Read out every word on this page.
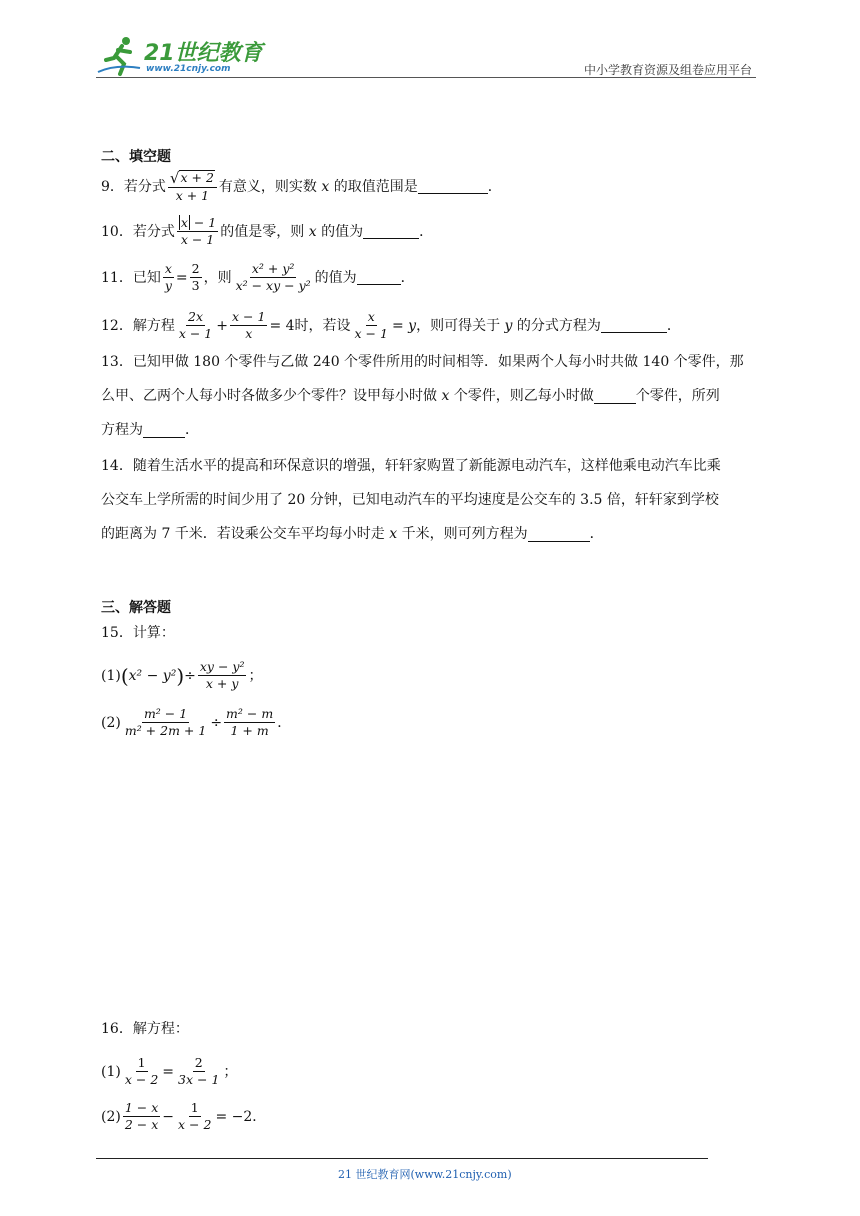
21世纪教育
www.21cnjy.com	中小学教育资源及组卷应用平台
二、填空题
9． 若分式 $\frac{√ x + 2}{x + 1}$ 有意义，则实数
x
的取值范围是	．
10． 若分式 $\frac{x - 1}{x - 1}$ 的值是零，则
x
的值为	．
11． 已知 $\frac{x}{y} = \frac{2}{3}$ ，则 $\frac{\text{x² + y²}}{\text{x² − xy − y²}}$ 的值为	．
12． 解方程 $\frac{2x}{x - 1} + \frac{x - 1}{x} = 4$ 时，若设 $\frac{x}{x - 1} = y$ ，则可得关于
y
的分式方程为	．
13．已知甲做 180 个零件与乙做 240 个零件所用的时间相等．如果两个人每小时共做 140 个零件，那
么甲、乙两个人每小时各做多少个零件？设甲每小时做
x
个零件，则乙每小时做	个零件，所列
方程为	．
14．随着生活水平的提高和环保意识的增强，轩轩家购置了新能源电动汽车，这样他乘电动汽车比乘
公交车上学所需的时间少用了 20 分钟，已知电动汽车的平均速度是公交车的 3.5 倍，轩轩家到学校
的距离为 7 千米．若设乘公交车平均每小时走
x
千米，则可列方程为	．
三、解答题
15．计算：
(1) ( x² − y² ) ÷ $\frac{\text{xy − y²}}{x + y}$ ；
$(2) \frac{\text{m² − 1}}{\text{m² + 2m + 1}} \div \frac{\text{m² − m}}{1 + m}$ ．
16．解方程：
$(1) \frac{1}{x - 2} = \frac{2}{3x - 1}$ ；
$(2) \frac{1 - x}{2 - x} - \frac{1}{x - 2} = -2$．
21 世纪教育网(www.21cnjy.com)
